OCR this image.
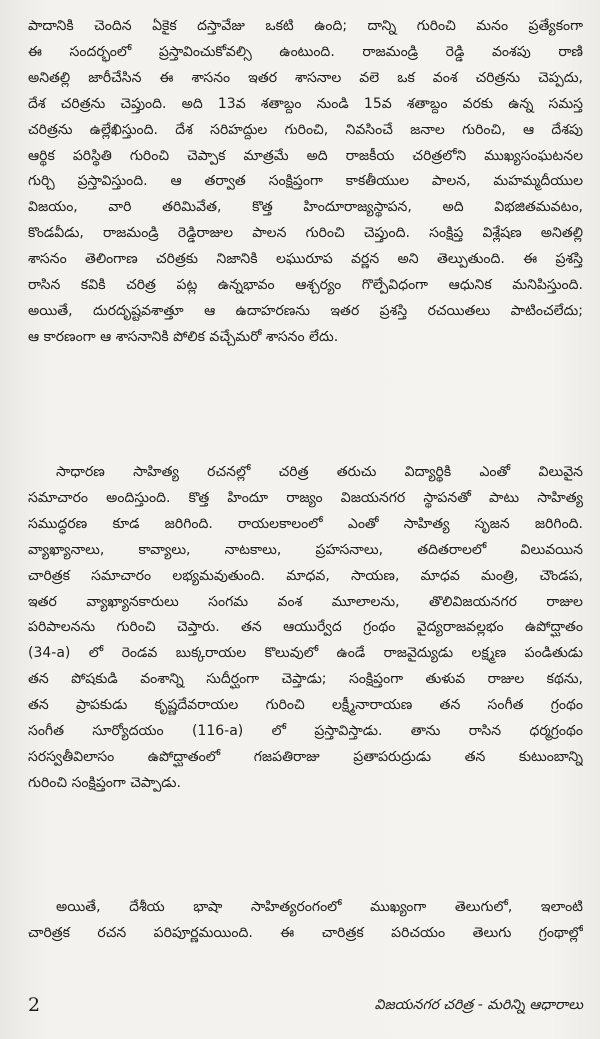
పాదానికి చెందిన ఏకైక దస్తావేజు ఒకటి ఉంది; దాన్ని గురించి మనం ప్రత్యేకంగా
ఈ సందర్భంలో ప్రస్తావించుకోవల్సి ఉంటుంది. రాజమండ్రి రెడ్డి వంశపు రాణి
అనితల్లి జారీచేసిన ఈ శాసనం ఇతర శాసనాల వలె ఒక వంశ చరిత్రను చెప్పదు,
దేశ చరిత్రను చెప్తుంది. అది 13వ శతాబ్దం నుండి 15వ శతాబ్దం వరకు ఉన్న సమస్త
చరిత్రను ఉల్లేఖిస్తుంది. దేశ సరిహద్దుల గురించి, నివసించే జనాల గురించి, ఆ దేశపు
ఆర్థిక పరిస్థితి గురించి చెప్పాక మాత్రమే అది రాజకీయ చరిత్రలోని ముఖ్యసంఘటనల
గుర్చి ప్రస్తావిస్తుంది. ఆ తర్వాత సంక్షిప్తంగా కాకతీయుల పాలన, మహమ్మదీయుల
విజయం, వారి తరిమివేత, కొత్త హిందూరాజ్యస్థాపన, అది విభజితమవటం,
కొండవీడు, రాజమండ్రి రెడ్డిరాజుల పాలన గురించి చెప్తుంది. సంక్షిప్త విశ్లేషణ అనితల్లి
శాసనం తెలింగాణ చరిత్రకు నిజానికి లఘురూప వర్ణన అని తెల్పుతుంది. ఈ ప్రశస్తి
రాసిన కవికి చరిత్ర పట్ల ఉన్నభావం ఆశ్చర్యం గొల్పేవిధంగా ఆధునిక మనిపిస్తుంది.
అయితే, దురదృష్టవశాత్తూ ఆ ఉదాహరణను ఇతర ప్రశస్తి రచయితలు పాటించలేదు;
ఆ కారణంగా ఆ శాసనానికి పోలిక వచ్చేమరో శాసనం లేదు.
సాధారణ సాహిత్య రచనల్లో చరిత్ర తరుచు విద్యార్థికి ఎంతో విలువైన
సమాచారం అందిస్తుంది. కొత్త హిందూ రాజ్యం విజయనగర స్థాపనతో పాటు సాహిత్య
సముద్ధరణ కూడ జరిగింది. రాయలకాలంలో ఎంతో సాహిత్య సృజన జరిగింది.
వ్యాఖ్యానాలు, కావ్యాలు, నాటకాలు, ప్రహసనాలు, తదితరాలలో విలువయిన
చారిత్రక సమాచారం లభ్యమవుతుంది. మాధవ, సాయణ, మాధవ మంత్రి, చౌండప,
ఇతర వ్యాఖ్యానకారులు సంగమ వంశ మూలాలను, తొలివిజయనగర రాజుల
పరిపాలనను గురించి చెప్తారు. తన ఆయుర్వేద గ్రంథం వైద్యరాజవల్లభం ఉపోద్ఘాతం
(34-a) లో రెండవ బుక్కరాయల కొలువులో ఉండే రాజవైద్యుడు లక్ష్మణ పండితుడు
తన పోషకుడి వంశాన్ని సుదీర్ఘంగా చెప్తాడు; సంక్షిప్తంగా తుళువ రాజుల కథను,
తన ప్రాపకుడు కృష్ణదేవరాయల గురించి లక్ష్మీనారాయణ తన సంగీత గ్రంథం
సంగీత సూర్యోదయం (116-a) లో ప్రస్తావిస్తాడు. తాను రాసిన ధర్మగ్రంథం
సరస్వతీవిలాసం ఉపోద్ఘాతంలో గజపతిరాజు ప్రతాపరుద్రుడు తన కుటుంబాన్ని
గురించి సంక్షిప్తంగా చెప్పాడు.
అయితే, దేశీయ భాషా సాహిత్యరంగంలో ముఖ్యంగా తెలుగులో, ఇలాంటి
చారిత్రక రచన పరిపూర్ణమయింది. ఈ చారిత్రక పరిచయం తెలుగు గ్రంథాల్లో
2	విజయనగర చరిత్ర - మరిన్ని ఆధారాలు
